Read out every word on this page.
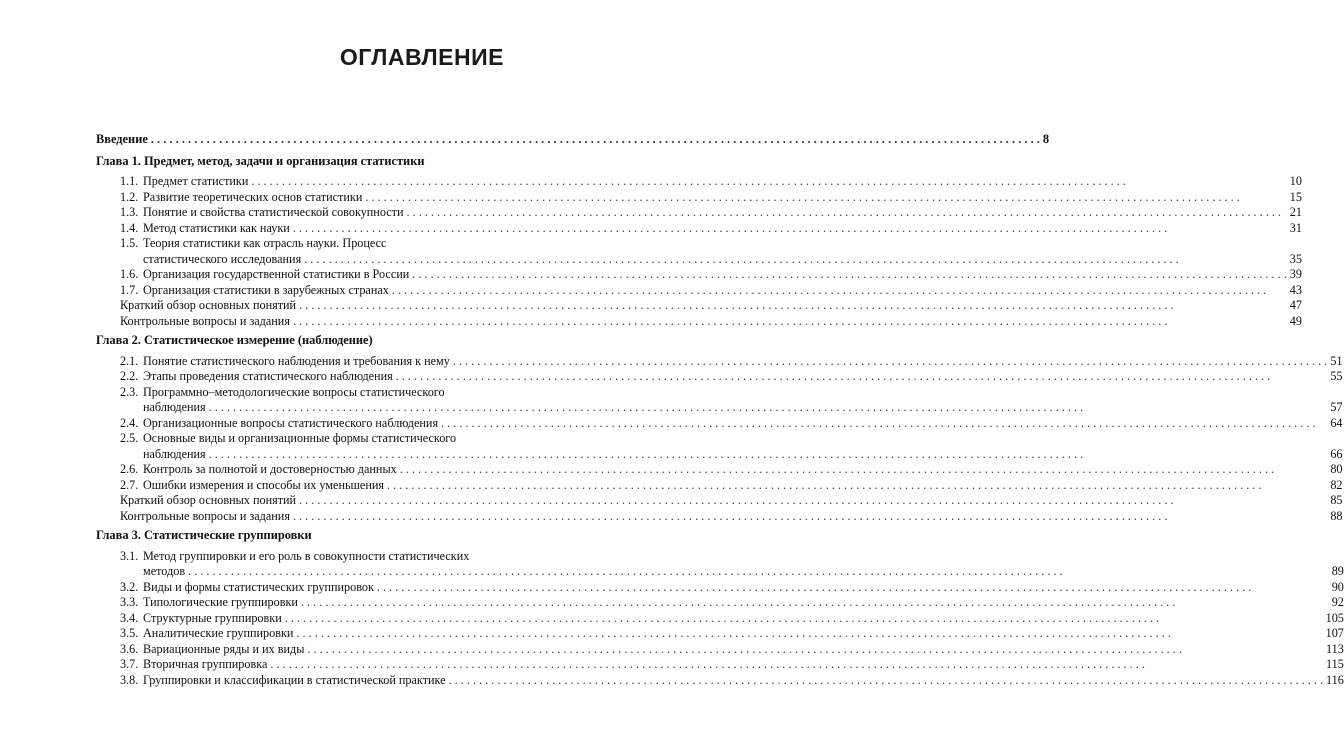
ОГЛАВЛЕНИЕ
Введение . . .	8
Глава 1. Предмет, метод, задачи и организация статистики
1.1. Предмет статистики . . .	10
1.2. Развитие теоретических основ статистики . . .	15
1.3. Понятие и свойства статистической совокупности . . .	21
1.4. Метод статистики как науки . . .	31
1.5. Теория статистики как отрасль науки. Процесс
статистического исследования . . .	35
1.6. Организация государственной статистики в России . . .	39
1.7. Организация статистики в зарубежных странах . . .	43
Краткий обзор основных понятий . . .	47
Контрольные вопросы и задания . . .	49
Глава 2. Статистическое измерение (наблюдение)
2.1. Понятие статистического наблюдения и требования к нему . . .	51
2.2. Этапы проведения статистического наблюдения . . .	55
2.3. Программно–методологические вопросы статистического
наблюдения . . .	57
2.4. Организационные вопросы статистического наблюдения . . .	64
2.5. Основные виды и организационные формы статистического
наблюдения . . .	66
2.6. Контроль за полнотой и достоверностью данных . . .	80
2.7. Ошибки измерения и способы их уменьшения . . .	82
Краткий обзор основных понятий . . .	85
Контрольные вопросы и задания . . .	88
Глава 3. Статистические группировки
3.1. Метод группировки и его роль в совокупности статистических
методов . . .	89
3.2. Виды и формы статистических группировок . . .	90
3.3. Типологические группировки . . .	92
3.4. Структурные группировки . . .	105
3.5. Аналитические группировки . . .	107
3.6. Вариационные ряды и их виды . . .	113
3.7. Вторичная группировка . . .	115
3.8. Группировки и классификации в статистической практике . . .	116
